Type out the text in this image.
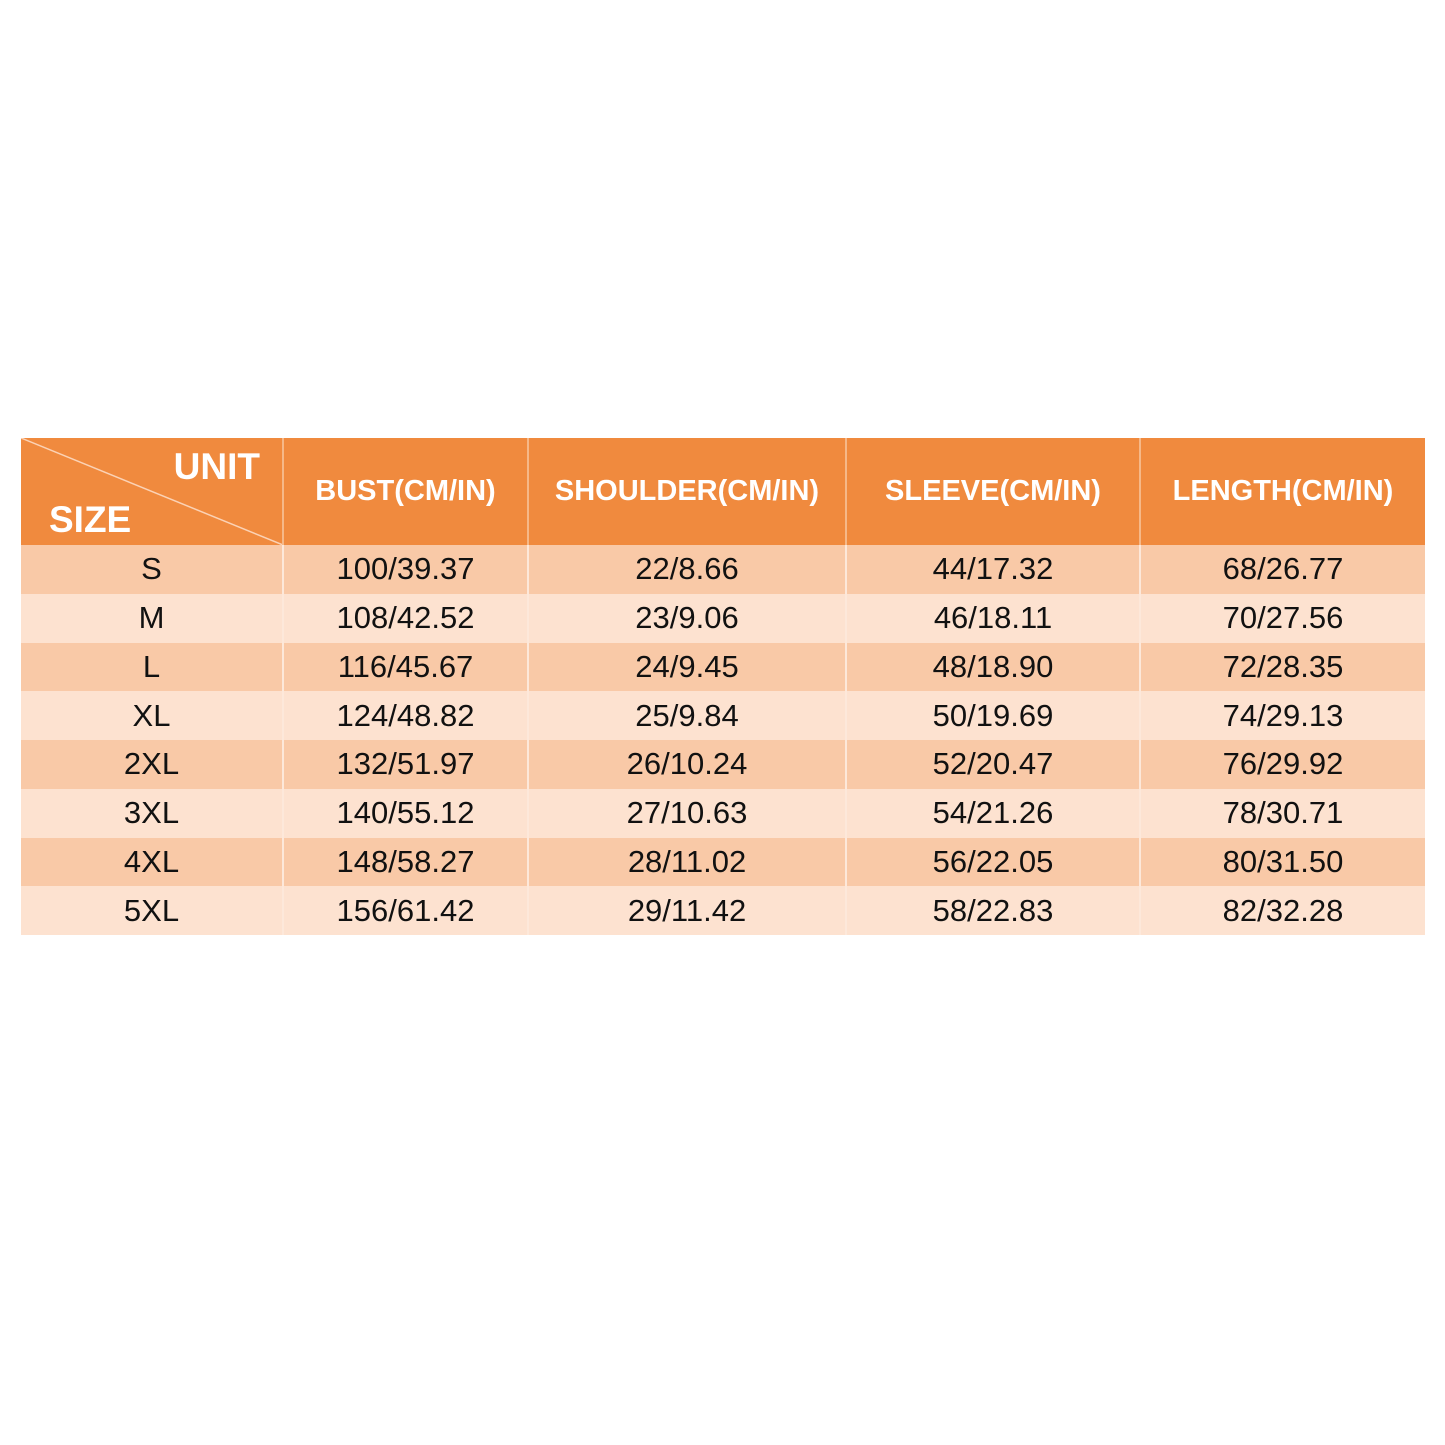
UNIT
SIZE	BUST(CM/IN)	SHOULDER(CM/IN)	SLEEVE(CM/IN)	LENGTH(CM/IN)
S	100/39.37	22/8.66	44/17.32	68/26.77
M	108/42.52	23/9.06	46/18.11	70/27.56
L	116/45.67	24/9.45	48/18.90	72/28.35
XL	124/48.82	25/9.84	50/19.69	74/29.13
2XL	132/51.97	26/10.24	52/20.47	76/29.92
3XL	140/55.12	27/10.63	54/21.26	78/30.71
4XL	148/58.27	28/11.02	56/22.05	80/31.50
5XL	156/61.42	29/11.42	58/22.83	82/32.28
